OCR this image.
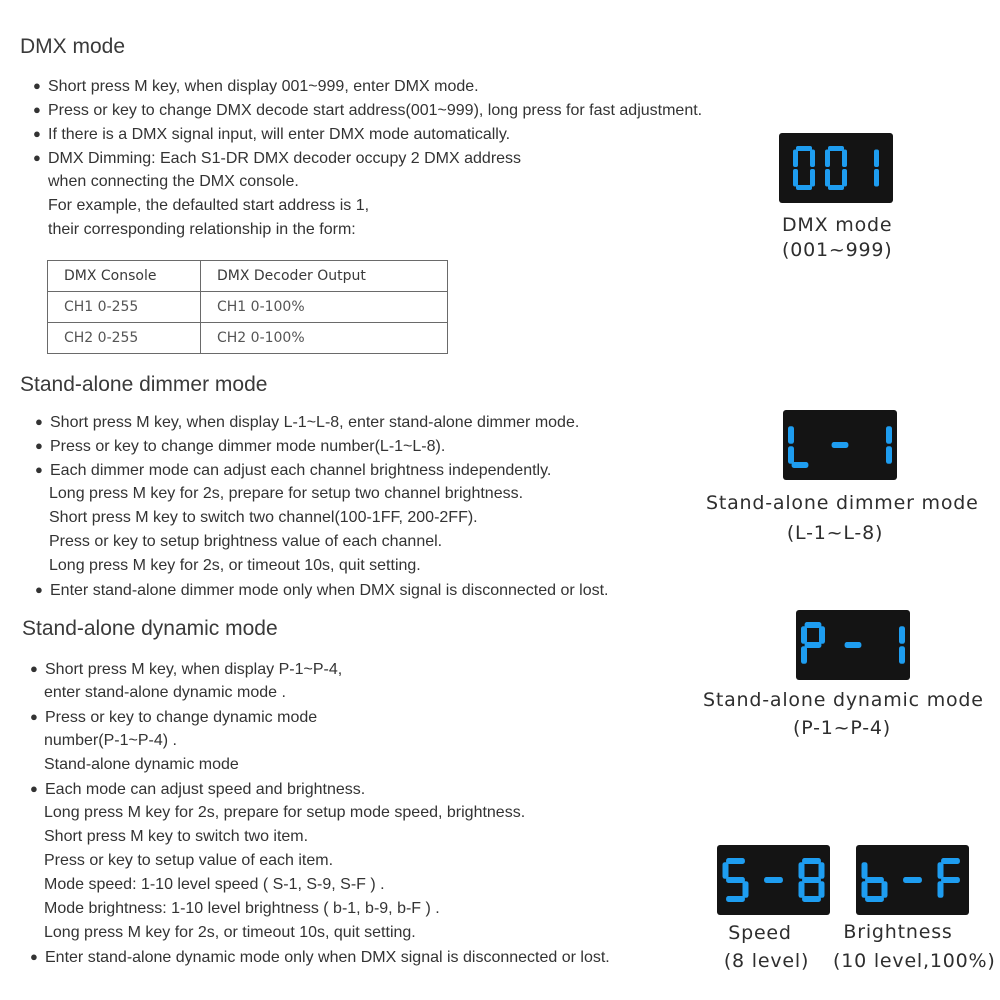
DMX mode
● Short press M key, when display 001~999, enter DMX mode.
● Press or key to change DMX decode start address(001~999), long press for fast adjustment.
● If there is a DMX signal input, will enter DMX mode automatically.
● DMX Dimming: Each S1-DR DMX decoder occupy 2 DMX address
when connecting the DMX console.
For example, the defaulted start address is 1,
their corresponding relationship in the form:
DMX Console	DMX Decoder Output
CH1 0-255	CH1 0-100%
CH2 0-255	CH2 0-100%
DMX mode
(001~999)
Stand-alone dimmer mode
● Short press M key, when display L-1~L-8, enter stand-alone dimmer mode.
● Press or key to change dimmer mode number(L-1~L-8).
● Each dimmer mode can adjust each channel brightness independently.
Long press M key for 2s, prepare for setup two channel brightness.
Short press M key to switch two channel(100-1FF, 200-2FF).
Press or key to setup brightness value of each channel.
Long press M key for 2s, or timeout 10s, quit setting.
● Enter stand-alone dimmer mode only when DMX signal is disconnected or lost.
Stand-alone dimmer mode
(L-1~L-8)
Stand-alone dynamic mode
● Short press M key, when display P-1~P-4,
enter stand-alone dynamic mode .
● Press or key to change dynamic mode
number(P-1~P-4) .
Stand-alone dynamic mode
● Each mode can adjust speed and brightness.
Long press M key for 2s, prepare for setup mode speed, brightness.
Short press M key to switch two item.
Press or key to setup value of each item.
Mode speed: 1-10 level speed ( S-1, S-9, S-F ) .
Mode brightness: 1-10 level brightness ( b-1, b-9, b-F ) .
Long press M key for 2s, or timeout 10s, quit setting.
● Enter stand-alone dynamic mode only when DMX signal is disconnected or lost.
Stand-alone dynamic mode
(P-1~P-4)
Speed
(8 level)
Brightness
(10 level,100%)
